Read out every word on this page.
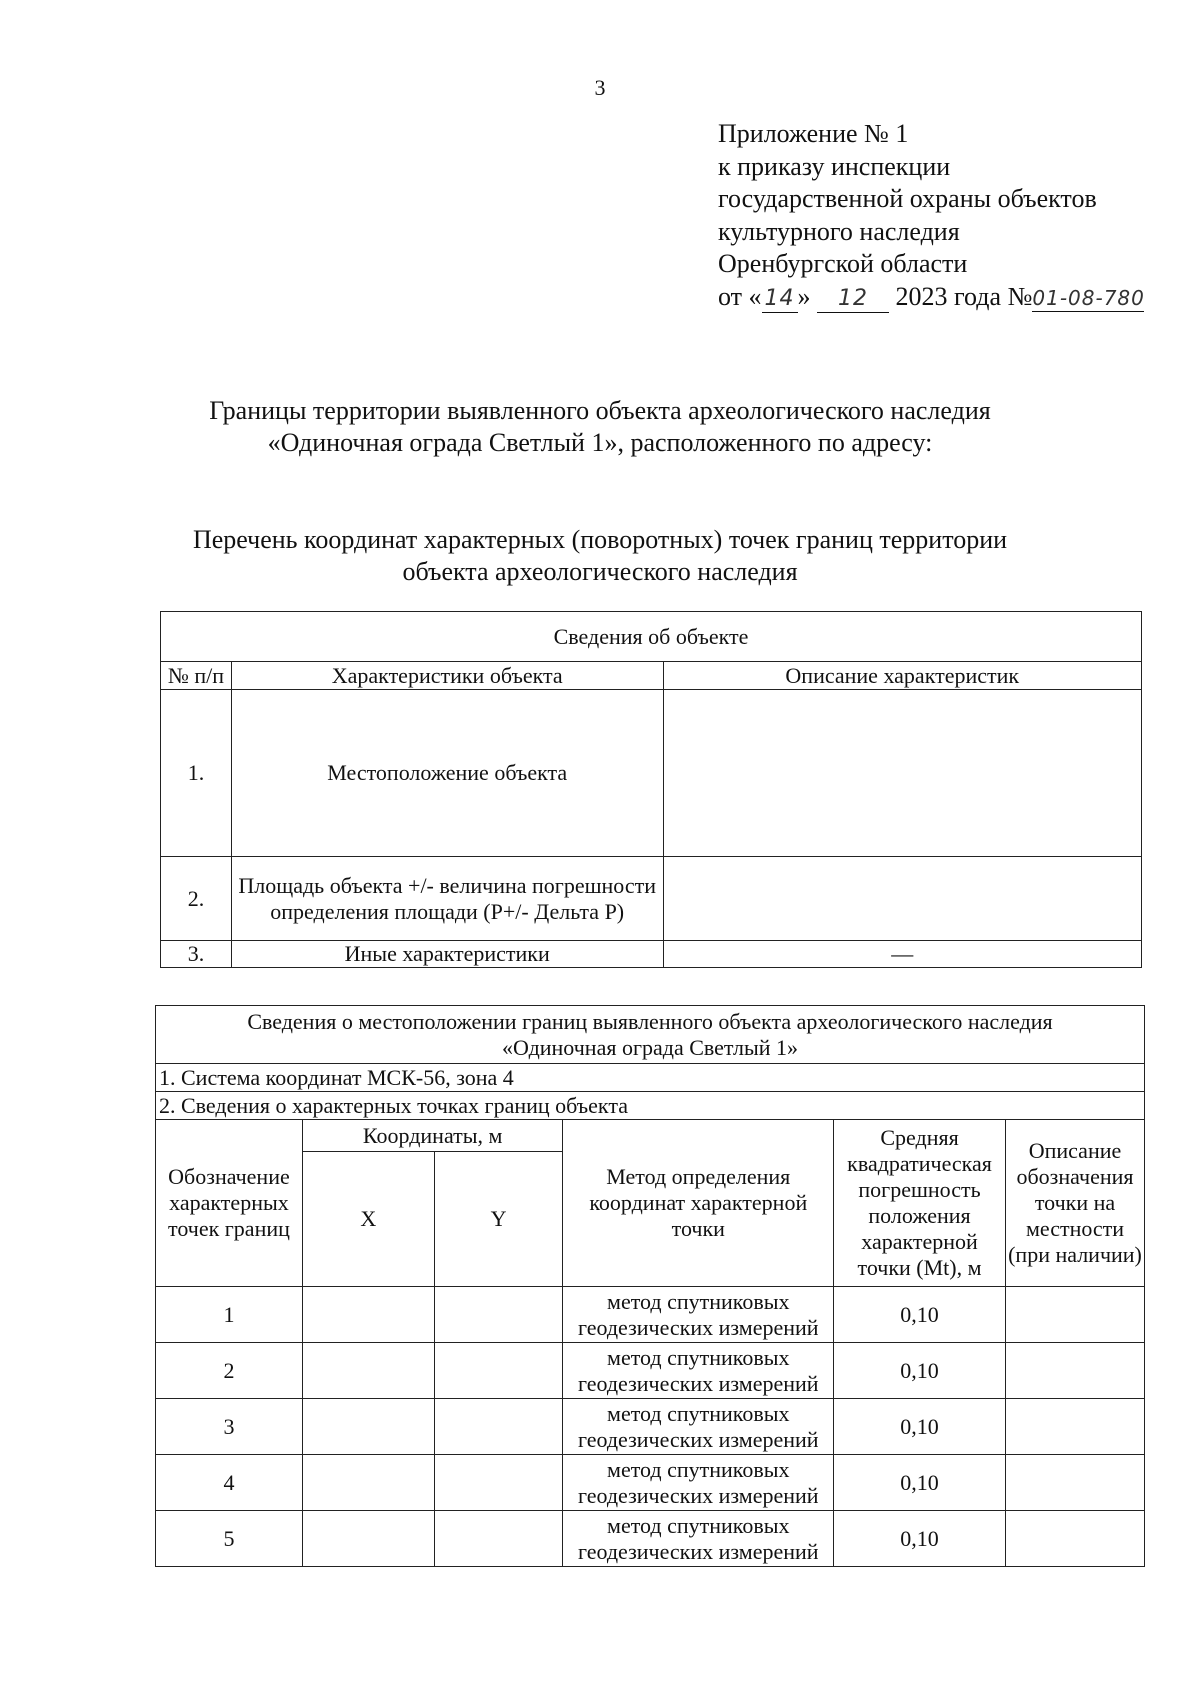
3
Приложение № 1
к приказу инспекции
государственной охраны объектов
культурного наследия
Оренбургской области
от « 14 » 12 2023 года №01-08-780
Границы территории выявленного объекта археологического наследия
«Одиночная ограда Светлый 1», расположенного по адресу:
Перечень координат характерных (поворотных) точек границ территории
объекта археологического наследия
Сведения об объекте		
№ п/п	Характеристики объекта	Описание характеристик
1.	Местоположение объекта	
2.	Площадь объекта +/- величина погрешности определения площади (Р+/- Дельта Р)	
3.	Иные характеристики	—
Сведения о местоположении границ выявленного объекта археологического наследия
«Одиночная ограда Светлый 1»					

1. Система координат МСК-56, зона 4					
2. Сведения о характерных точках границ объекта					
Обозначение характерных точек границ	Координаты, м		Метод определения координат характерной точки	Средняя квадратическая погрешность положения характерной точки (Mt), м	Описание обозначения точки на местности (при наличии)
	X	Y			
1			метод спутниковых геодезических измерений	0,10	
2			метод спутниковых геодезических измерений	0,10	
3			метод спутниковых геодезических измерений	0,10	
4			метод спутниковых геодезических измерений	0,10	
5			метод спутниковых геодезических измерений	0,10	
